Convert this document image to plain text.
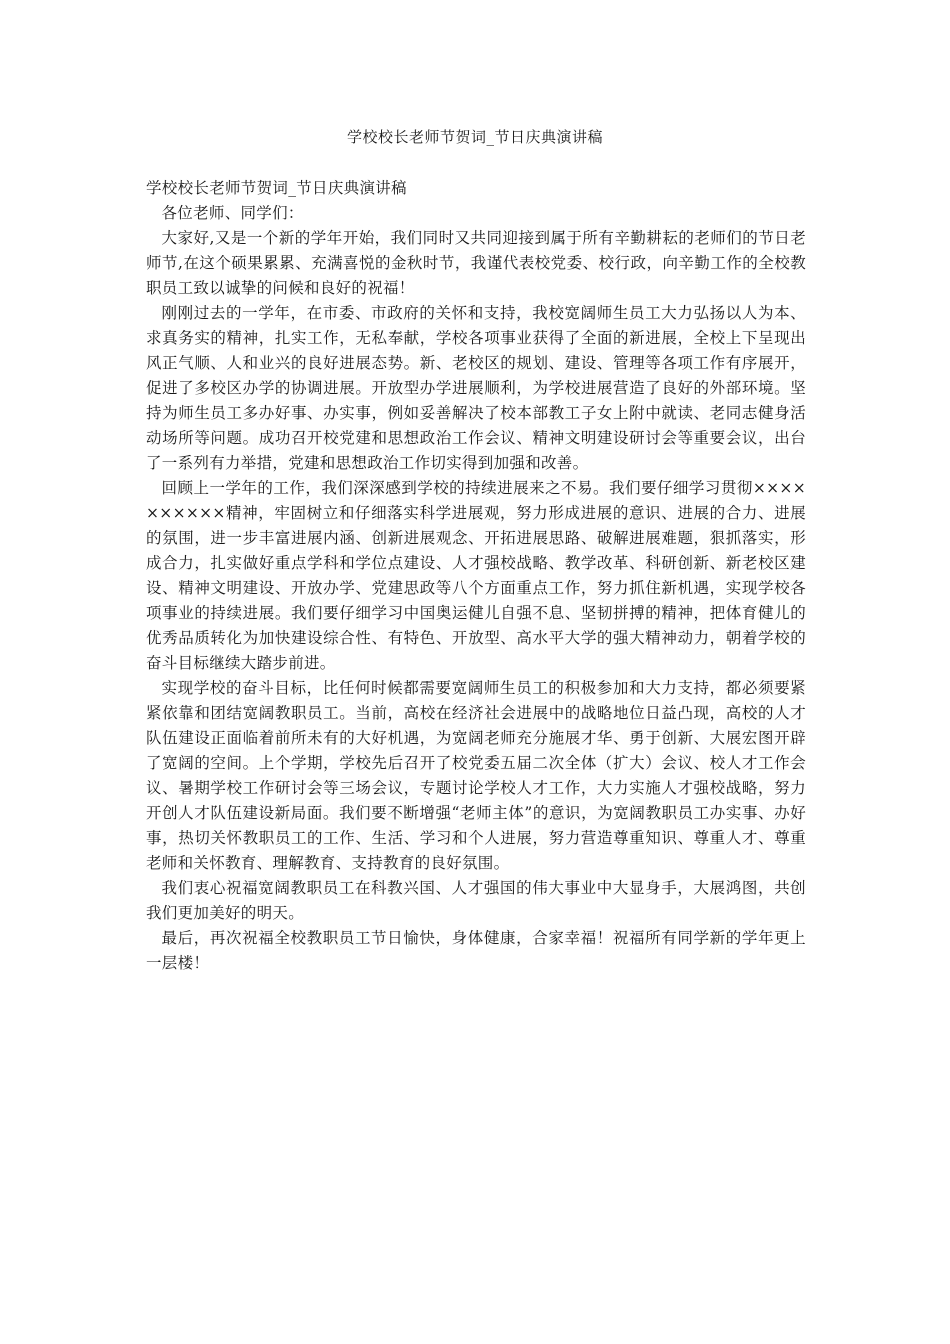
学校校长老师节贺词_节日庆典演讲稿

学校校长老师节贺词_节日庆典演讲稿

各位老师、同学们：

大家好,又是一个新的学年开始，我们同时又共同迎接到属于所有辛勤耕耘的老师们的节日老师节,在这个硕果累累、充满喜悦的金秋时节，我谨代表校党委、校行政，向辛勤工作的全校教职员工致以诚挚的问候和良好的祝福！

刚刚过去的一学年，在市委、市政府的关怀和支持，我校宽阔师生员工大力弘扬以人为本、求真务实的精神，扎实工作，无私奉献，学校各项事业获得了全面的新进展，全校上下呈现出风正气顺、人和业兴的良好进展态势。新、老校区的规划、建设、管理等各项工作有序展开，促进了多校区办学的协调进展。开放型办学进展顺利，为学校进展营造了良好的外部环境。坚持为师生员工多办好事、办实事，例如妥善解决了校本部教工子女上附中就读、老同志健身活动场所等问题。成功召开校党建和思想政治工作会议、精神文明建设研讨会等重要会议，出台了一系列有力举措，党建和思想政治工作切实得到加强和改善。

回顾上一学年的工作，我们深深感到学校的持续进展来之不易。我们要仔细学习贯彻××××××××××精神，牢固树立和仔细落实科学进展观，努力形成进展的意识、进展的合力、进展的氛围，进一步丰富进展内涵、创新进展观念、开拓进展思路、破解进展难题，狠抓落实，形成合力，扎实做好重点学科和学位点建设、人才强校战略、教学改革、科研创新、新老校区建设、精神文明建设、开放办学、党建思政等八个方面重点工作，努力抓住新机遇，实现学校各项事业的持续进展。我们要仔细学习中国奥运健儿自强不息、坚韧拼搏的精神，把体育健儿的优秀品质转化为加快建设综合性、有特色、开放型、高水平大学的强大精神动力，朝着学校的奋斗目标继续大踏步前进。

实现学校的奋斗目标，比任何时候都需要宽阔师生员工的积极参加和大力支持，都必须要紧紧依靠和团结宽阔教职员工。当前，高校在经济社会进展中的战略地位日益凸现，高校的人才队伍建设正面临着前所未有的大好机遇，为宽阔老师充分施展才华、勇于创新、大展宏图开辟了宽阔的空间。上个学期，学校先后召开了校党委五届二次全体（扩大）会议、校人才工作会议、暑期学校工作研讨会等三场会议，专题讨论学校人才工作，大力实施人才强校战略，努力开创人才队伍建设新局面。我们要不断增强“老师主体”的意识，为宽阔教职员工办实事、办好事，热切关怀教职员工的工作、生活、学习和个人进展，努力营造尊重知识、尊重人才、尊重老师和关怀教育、理解教育、支持教育的良好氛围。

我们衷心祝福宽阔教职员工在科教兴国、人才强国的伟大事业中大显身手，大展鸿图，共创我们更加美好的明天。

最后，再次祝福全校教职员工节日愉快，身体健康，合家幸福！祝福所有同学新的学年更上一层楼！
